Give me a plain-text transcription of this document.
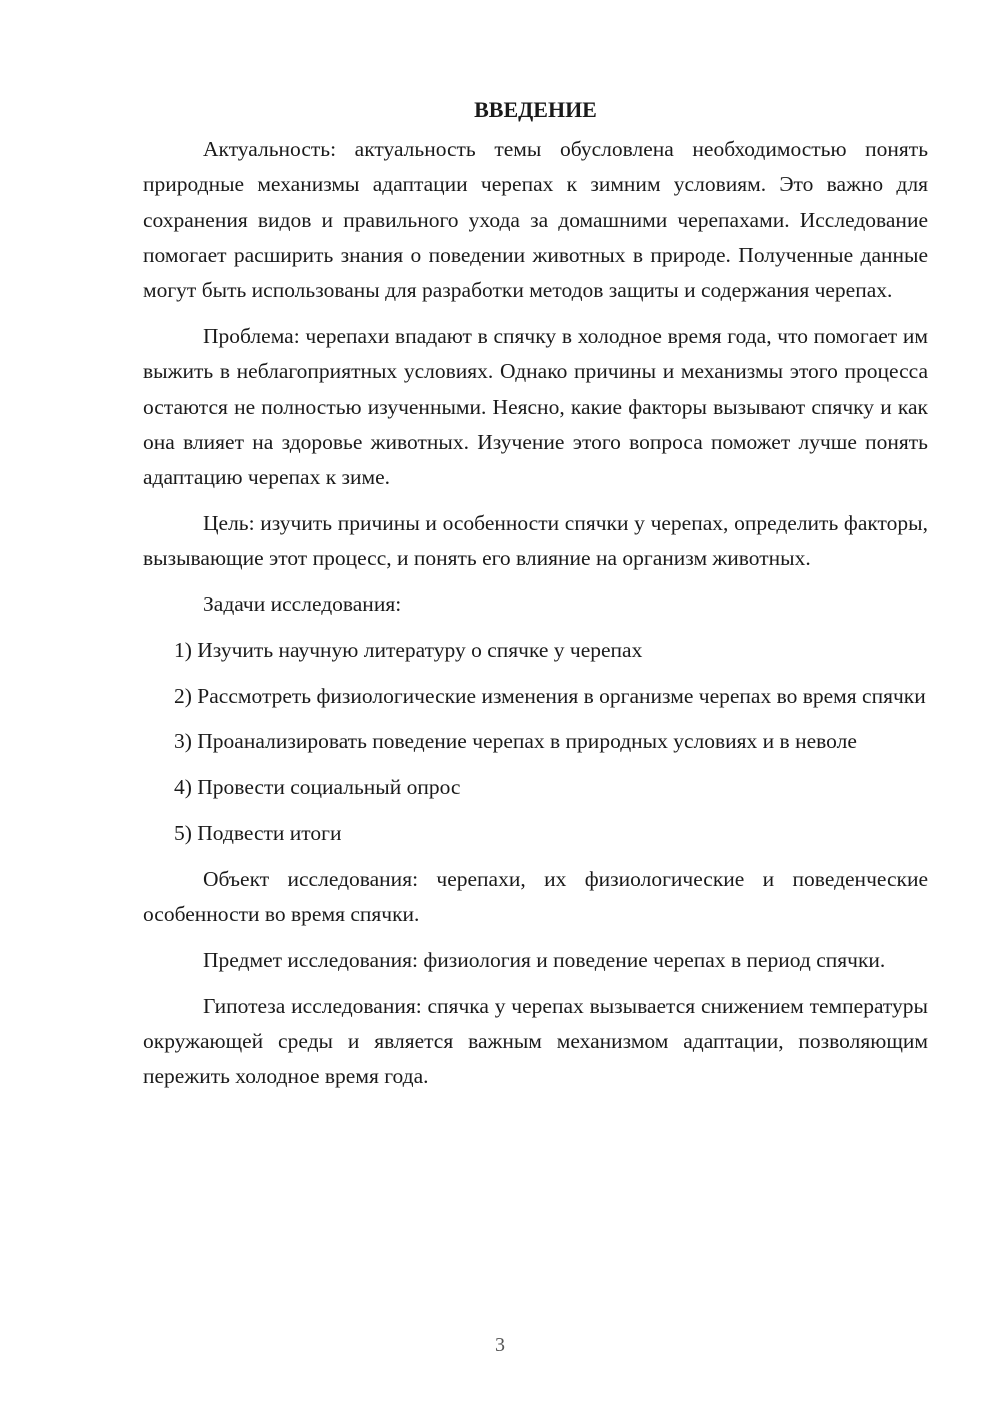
ВВЕДЕНИЕ

Актуальность: актуальность темы обусловлена необходимостью понять природные механизмы адаптации черепах к зимним условиям. Это важно для сохранения видов и правильного ухода за домашними черепахами. Исследование помогает расширить знания о поведении животных в природе. Полученные данные могут быть использованы для разработки методов защиты и содержания черепах.

Проблема: черепахи впадают в спячку в холодное время года, что помогает им выжить в неблагоприятных условиях. Однако причины и механизмы этого процесса остаются не полностью изученными. Неясно, какие факторы вызывают спячку и как она влияет на здоровье животных. Изучение этого вопроса поможет лучше понять адаптацию черепах к зиме.

Цель: изучить причины и особенности спячки у черепах, определить факторы, вызывающие этот процесс, и понять его влияние на организм животных.

Задачи исследования:

1) Изучить научную литературу о спячке у черепах

2) Рассмотреть физиологические изменения в организме черепах во время спячки

3) Проанализировать поведение черепах в природных условиях и в неволе

4) Провести социальный опрос

5) Подвести итоги

Объект исследования: черепахи, их физиологические и поведенческие особенности во время спячки.

Предмет исследования: физиология и поведение черепах в период спячки.

Гипотеза исследования: спячка у черепах вызывается снижением температуры окружающей среды и является важным механизмом адаптации, позволяющим пережить холодное время года.

3
